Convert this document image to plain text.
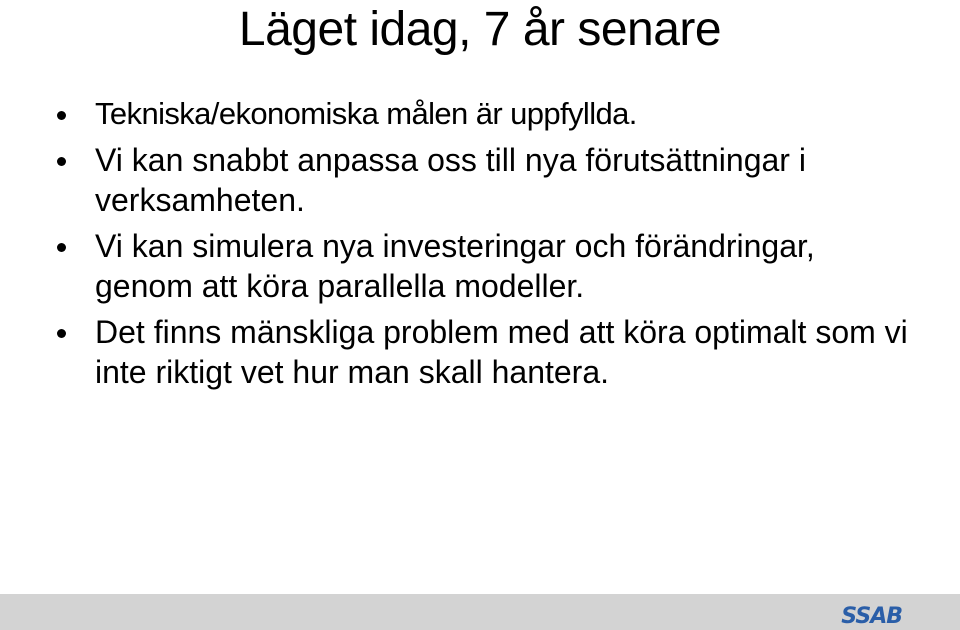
Läget idag, 7 år senare
Tekniska/ekonomiska målen är uppfyllda.
Vi kan snabbt anpassa oss till nya förutsättningar i verksamheten.
Vi kan simulera nya investeringar och förändringar, genom att köra parallella modeller.
Det finns mänskliga problem med att köra optimalt som vi inte riktigt vet hur man skall hantera.
SSAB
